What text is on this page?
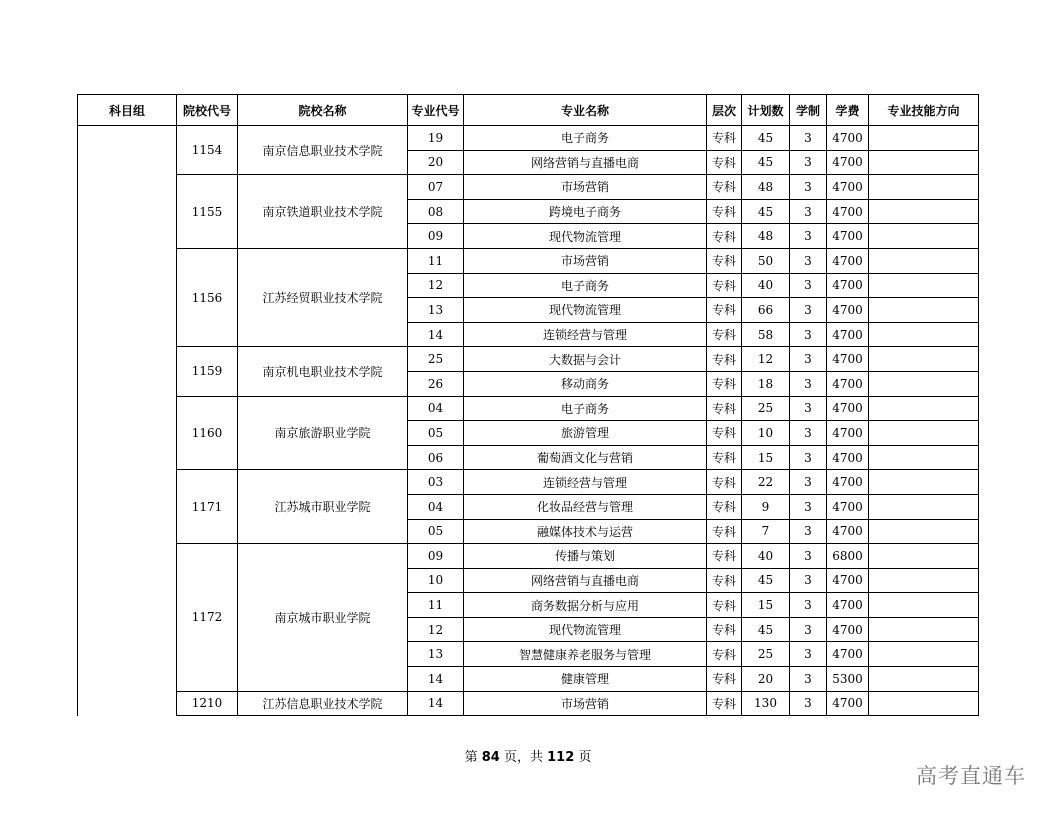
科目组	院校代号	院校名称	专业代号	专业名称	层次	计划数	学制	学费	专业技能方向
	1154	南京信息职业技术学院	19	电子商务	专科	45	3	4700	
			20	网络营销与直播电商	专科	45	3	4700	
	1155	南京铁道职业技术学院	07	市场营销	专科	48	3	4700	
			08	跨境电子商务	专科	45	3	4700	
			09	现代物流管理	专科	48	3	4700	
	1156	江苏经贸职业技术学院	11	市场营销	专科	50	3	4700	
			12	电子商务	专科	40	3	4700	
			13	现代物流管理	专科	66	3	4700	
			14	连锁经营与管理	专科	58	3	4700	
	1159	南京机电职业技术学院	25	大数据与会计	专科	12	3	4700	
			26	移动商务	专科	18	3	4700	
	1160	南京旅游职业学院	04	电子商务	专科	25	3	4700	
			05	旅游管理	专科	10	3	4700	
			06	葡萄酒文化与营销	专科	15	3	4700	
	1171	江苏城市职业学院	03	连锁经营与管理	专科	22	3	4700	
			04	化妆品经营与管理	专科	9	3	4700	
			05	融媒体技术与运营	专科	7	3	4700	
	1172	南京城市职业学院	09	传播与策划	专科	40	3	6800	
			10	网络营销与直播电商	专科	45	3	4700	
			11	商务数据分析与应用	专科	15	3	4700	
			12	现代物流管理	专科	45	3	4700	
			13	智慧健康养老服务与管理	专科	25	3	4700	
			14	健康管理	专科	20	3	5300	
	1210	江苏信息职业技术学院	14	市场营销	专科	130	3	4700	
第 84 页，共 112 页
高考直通车
